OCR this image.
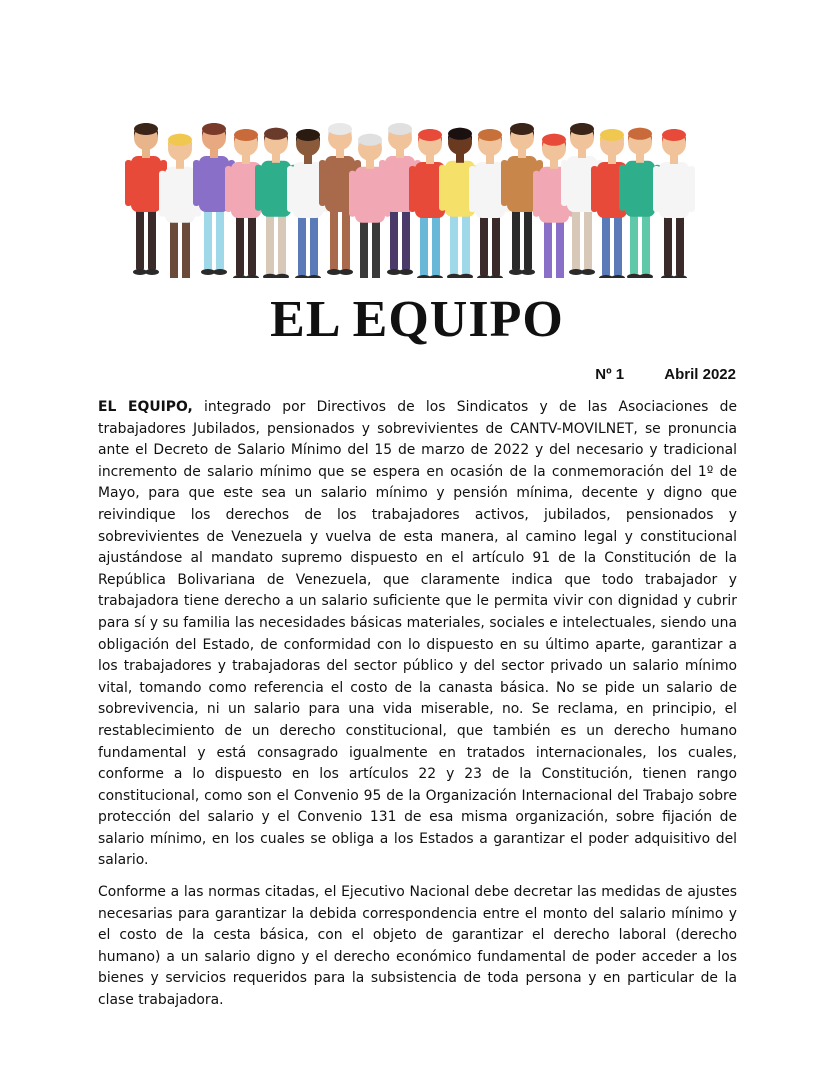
EL EQUIPO
Nº 1	Abril 2022

EL EQUIPO, integrado por Directivos de los Sindicatos y de las Asociaciones de trabajadores Jubilados, pensionados y sobrevivientes de CANTV-MOVILNET, se pronuncia ante el Decreto de Salario Mínimo del 15 de marzo de 2022 y del necesario y tradicional incremento de salario mínimo que se espera en ocasión de la conmemoración del 1º de Mayo, para que este sea un salario mínimo y pensión mínima, decente y digno que reivindique los derechos de los trabajadores activos, jubilados, pensionados y sobrevivientes de Venezuela y vuelva de esta manera, al camino legal y constitucional ajustándose al mandato supremo dispuesto en el artículo 91 de la Constitución de la República Bolivariana de Venezuela, que claramente indica que todo trabajador y trabajadora tiene derecho a un salario suficiente que le permita vivir con dignidad y cubrir para sí y su familia las necesidades básicas materiales, sociales e intelectuales, siendo una obligación del Estado, de conformidad con lo dispuesto en su último aparte, garantizar a los trabajadores y trabajadoras del sector público y del sector privado un salario mínimo vital, tomando como referencia el costo de la canasta básica. No se pide un salario de sobrevivencia, ni un salario para una vida miserable, no. Se reclama, en principio, el restablecimiento de un derecho constitucional, que también es un derecho humano fundamental y está consagrado igualmente en tratados internacionales, los cuales, conforme a lo dispuesto en los artículos 22 y 23 de la Constitución, tienen rango constitucional, como son el Convenio 95 de la Organización Internacional del Trabajo sobre protección del salario y el Convenio 131 de esa misma organización, sobre fijación de salario mínimo, en los cuales se obliga a los Estados a garantizar el poder adquisitivo del salario.

Conforme a las normas citadas, el Ejecutivo Nacional debe decretar las medidas de ajustes necesarias para garantizar la debida correspondencia entre el monto del salario mínimo y el costo de la cesta básica, con el objeto de garantizar el derecho laboral (derecho humano) a un salario digno y el derecho económico fundamental de poder acceder a los bienes y servicios requeridos para la subsistencia de toda persona y en particular de la clase trabajadora.
